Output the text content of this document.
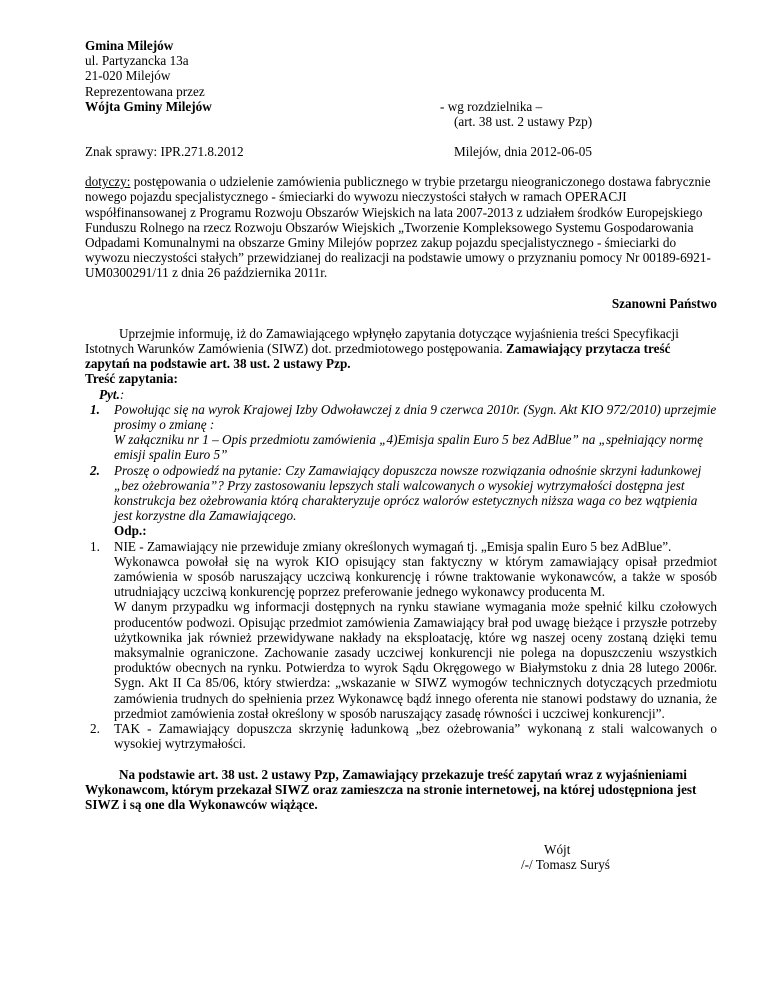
Gmina Milejów
ul. Partyzancka 13a
21-020 Milejów
Reprezentowana przez
Wójta Gminy Milejów	- wg rozdzielnika –
(art. 38 ust. 2 ustawy Pzp)
Znak sprawy: IPR.271.8.2012	Milejów, dnia 2012-06-05

dotyczy: postępowania o udzielenie zamówienia publicznego w trybie przetargu nieograniczonego dostawa fabrycznie nowego pojazdu specjalistycznego - śmieciarki do wywozu nieczystości stałych w ramach OPERACJI współfinansowanej z Programu Rozwoju Obszarów Wiejskich na lata 2007-2013 z udziałem środków Europejskiego Funduszu Rolnego na rzecz Rozwoju Obszarów Wiejskich „Tworzenie Kompleksowego Systemu Gospodarowania Odpadami Komunalnymi na obszarze Gminy Milejów poprzez zakup pojazdu specjalistycznego - śmieciarki do wywozu nieczystości stałych” przewidzianej do realizacji na podstawie umowy o przyznaniu pomocy Nr 00189-6921-UM0300291/11 z dnia 26 października 2011r.

Szanowni Państwo

Uprzejmie informuję, iż do Zamawiającego wpłynęło zapytania dotyczące wyjaśnienia treści Specyfikacji Istotnych Warunków Zamówienia (SIWZ) dot. przedmiotowego postępowania. Zamawiający przytacza treść zapytań na podstawie art. 38 ust. 2 ustawy Pzp.

Treść zapytania:
Pyt.:
1. Powołując się na wyrok Krajowej Izby Odwoławczej z dnia 9 czerwca 2010r. (Sygn. Akt KIO 972/2010) uprzejmie prosimy o zmianę :

W załączniku nr 1 – Opis przedmiotu zamówienia „4)Emisja spalin Euro 5 bez AdBlue” na „spełniający normę emisji spalin Euro 5”

2. Proszę o odpowiedź na pytanie: Czy Zamawiający dopuszcza nowsze rozwiązania odnośnie skrzyni ładunkowej „bez ożebrowania”? Przy zastosowaniu lepszych stali walcowanych o wysokiej wytrzymałości dostępna jest konstrukcja bez ożebrowania którą charakteryzuje oprócz walorów estetycznych niższa waga co bez wątpienia jest korzystne dla Zamawiającego.

Odp.:
1. NIE - Zamawiający nie przewiduje zmiany określonych wymagań tj. „Emisja spalin Euro 5 bez AdBlue”.

Wykonawca powołał się na wyrok KIO opisujący stan faktyczny w którym zamawiający opisał przedmiot zamówienia w sposób naruszający uczciwą konkurencję i równe traktowanie wykonawców, a także w sposób utrudniający uczciwą konkurencję poprzez preferowanie jednego wykonawcy producenta M.

W danym przypadku wg informacji dostępnych na rynku stawiane wymagania może spełnić kilku czołowych producentów podwozi. Opisując przedmiot zamówienia Zamawiający brał pod uwagę bieżące i przyszłe potrzeby użytkownika jak również przewidywane nakłady na eksploatację, które wg naszej oceny zostaną dzięki temu maksymalnie ograniczone. Zachowanie zasady uczciwej konkurencji nie polega na dopuszczeniu wszystkich produktów obecnych na rynku. Potwierdza to wyrok Sądu Okręgowego w Białymstoku z dnia 28 lutego 2006r. Sygn. Akt II Ca 85/06, który stwierdza: „wskazanie w SIWZ wymogów technicznych dotyczących przedmiotu zamówienia trudnych do spełnienia przez Wykonawcę bądź innego oferenta nie stanowi podstawy do uznania, że przedmiot zamówienia został określony w sposób naruszający zasadę równości i uczciwej konkurencji”.

2. TAK - Zamawiający dopuszcza skrzynię ładunkową „bez ożebrowania” wykonaną z stali walcowanych o wysokiej wytrzymałości.

Na podstawie art. 38 ust. 2 ustawy Pzp, Zamawiający przekazuje treść zapytań wraz z wyjaśnieniami Wykonawcom, którym przekazał SIWZ oraz zamieszcza na stronie internetowej, na której udostępniona jest SIWZ i są one dla Wykonawców wiążące.

Wójt
/-/ Tomasz Suryś
